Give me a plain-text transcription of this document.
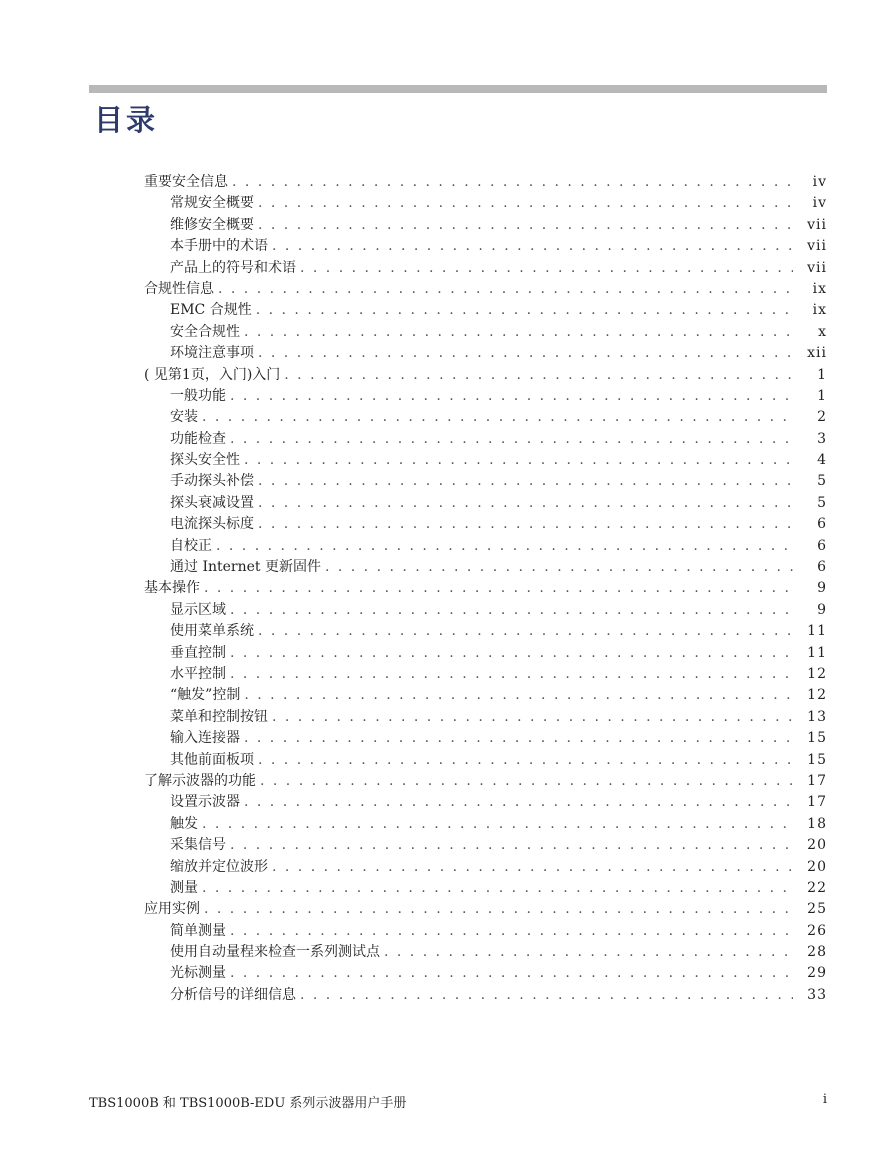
目录
重要安全信息 . . .	iv
常规安全概要 . . .	iv
维修安全概要 . . .	vii
本手册中的术语 . . .	vii
产品上的符号和术语 . . .	vii
合规性信息 . . .	ix
EMC 合规性 . . .	ix
安全合规性 . . .	x
环境注意事项 . . .	xii
( 见第1页，入门)入门 . . .	1
一般功能 . . .	1
安装 . . .	2
功能检查 . . .	3
探头安全性 . . .	4
手动探头补偿 . . .	5
探头衰减设置 . . .	5
电流探头标度 . . .	6
自校正 . . .	6
通过 Internet 更新固件 . . .	6
基本操作 . . .	9
显示区域 . . .	9
使用菜单系统 . . .	11
垂直控制 . . .	11
水平控制 . . .	12
“触发”控制 . . .	12
菜单和控制按钮 . . .	13
输入连接器 . . .	15
其他前面板项 . . .	15
了解示波器的功能 . . .	17
设置示波器 . . .	17
触发 . . .	18
采集信号 . . .	20
缩放并定位波形 . . .	20
测量 . . .	22
应用实例 . . .	25
简单测量 . . .	26
使用自动量程来检查一系列测试点 . . .	28
光标测量 . . .	29
分析信号的详细信息 . . .	33
TBS1000B 和 TBS1000B-EDU 系列示波器用户手册	i
